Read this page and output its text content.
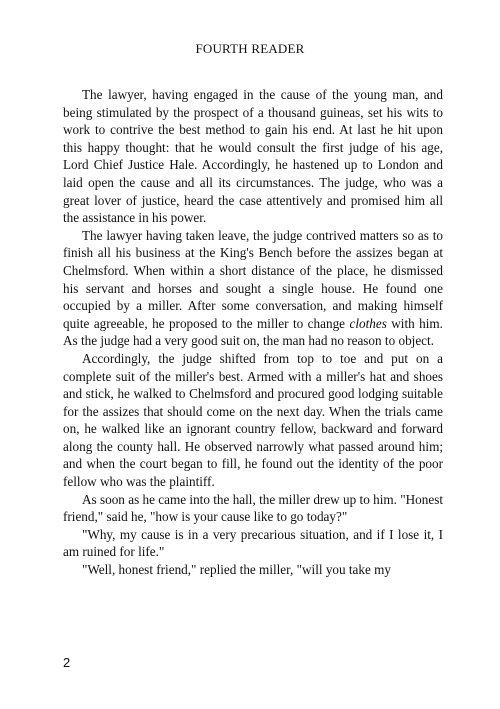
FOURTH READER

The lawyer, having engaged in the cause of the young man, and being stimulated by the prospect of a thousand guineas, set his wits to work to contrive the best method to gain his end. At last he hit upon this happy thought: that he would consult the first judge of his age, Lord Chief Justice Hale. Accordingly, he hastened up to London and laid open the cause and all its circumstances. The judge, who was a great lover of justice, heard the case attentively and promised him all the assistance in his power.

The lawyer having taken leave, the judge contrived matters so as to finish all his business at the King's Bench before the assizes began at Chelmsford. When within a short distance of the place, he dismissed his servant and horses and sought a single house. He found one occupied by a miller. After some conversation, and making himself quite agreeable, he proposed to the miller to change clothes with him. As the judge had a very good suit on, the man had no reason to object.

Accordingly, the judge shifted from top to toe and put on a complete suit of the miller's best. Armed with a miller's hat and shoes and stick, he walked to Chelmsford and procured good lodging suitable for the assizes that should come on the next day. When the trials came on, he walked like an ignorant country fellow, backward and forward along the county hall. He observed narrowly what passed around him; and when the court began to fill, he found out the identity of the poor fellow who was the plaintiff.

As soon as he came into the hall, the miller drew up to him. "Honest friend," said he, "how is your cause like to go today?"

"Why, my cause is in a very precarious situation, and if I lose it, I am ruined for life."

"Well, honest friend," replied the miller, "will you take my

2
